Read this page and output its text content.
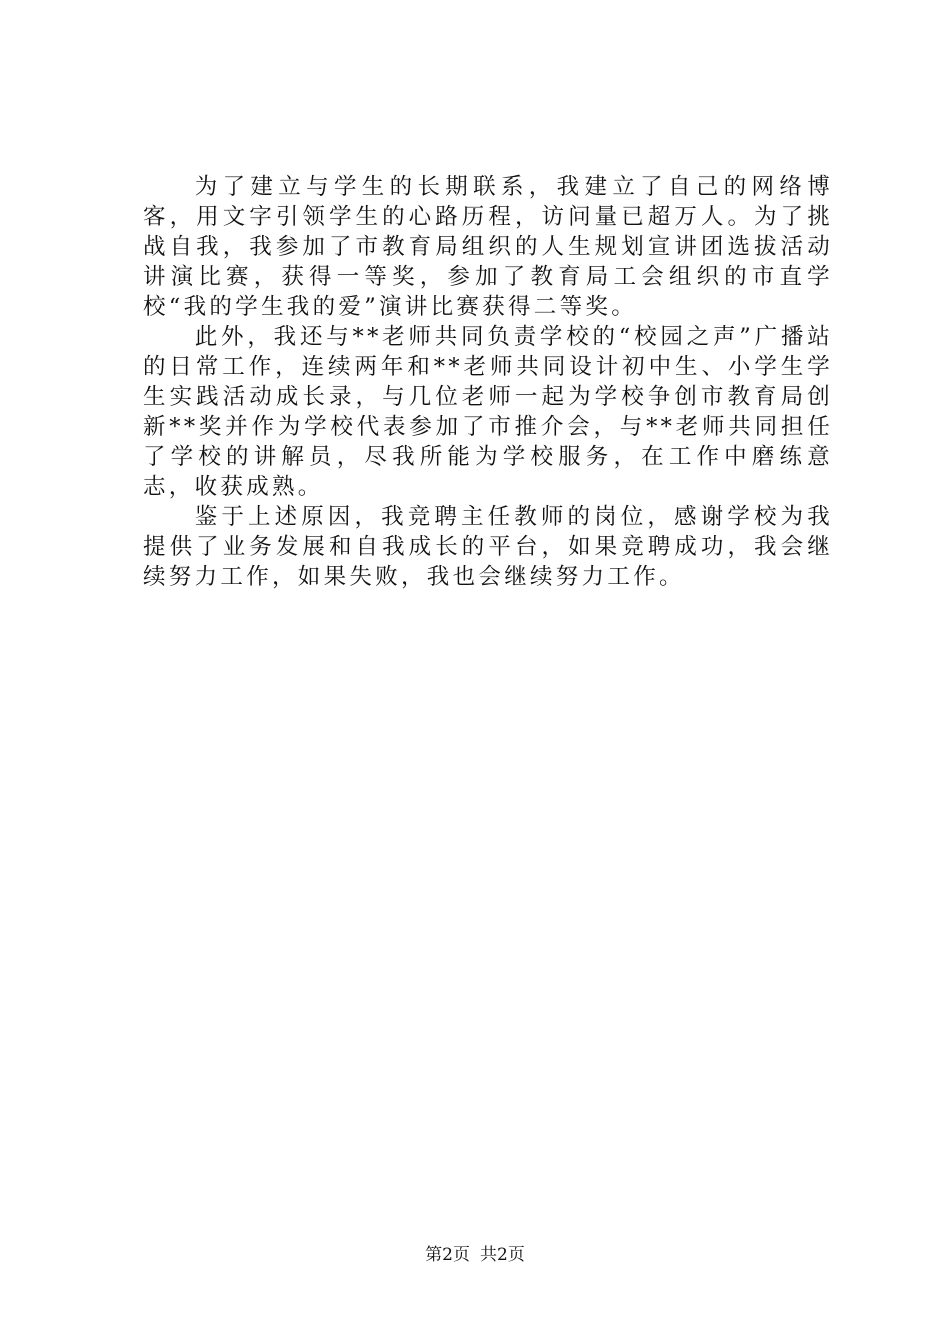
为了建立与学生的长期联系，我建立了自己的网络博客，用文字引领学生的心路历程，访问量已超万人。为了挑战自我，我参加了市教育局组织的人生规划宣讲团选拔活动讲演比赛，获得一等奖，参加了教育局工会组织的市直学校“我的学生我的爱”演讲比赛获得二等奖。

此外，我还与**老师共同负责学校的“校园之声”广播站的日常工作，连续两年和**老师共同设计初中生、小学生学生实践活动成长录，与几位老师一起为学校争创市教育局创新**奖并作为学校代表参加了市推介会，与**老师共同担任了学校的讲解员，尽我所能为学校服务，在工作中磨练意志，收获成熟。

鉴于上述原因，我竞聘主任教师的岗位，感谢学校为我提供了业务发展和自我成长的平台，如果竞聘成功，我会继续努力工作，如果失败，我也会继续努力工作。

第2页 共2页
